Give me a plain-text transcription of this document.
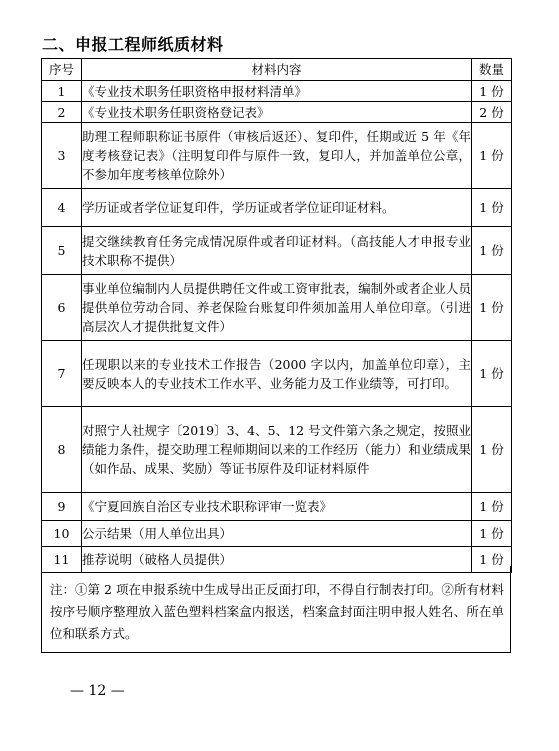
二、申报工程师纸质材料
序号	材料内容	数量
1	《专业技术职务任职资格申报材料清单》	1 份
2	《专业技术职务任职资格登记表》	2 份
3	助理工程师职称证书原件（审核后返还）、复印件，任期或近 5 年《年度考核登记表》（注明复印件与原件一致，复印人，并加盖单位公章，不参加年度考核单位除外）	1 份
4	学历证或者学位证复印件，学历证或者学位证印证材料。	1 份
5	提交继续教育任务完成情况原件或者印证材料。（高技能人才申报专业技术职称不提供）	1 份
6	事业单位编制内人员提供聘任文件或工资审批表，编制外或者企业人员提供单位劳动合同、养老保险台账复印件须加盖用人单位印章。（引进高层次人才提供批复文件）	1 份
7	任现职以来的专业技术工作报告（2000 字以内，加盖单位印章），主要反映本人的专业技术工作水平、业务能力及工作业绩等，可打印。	1 份
8	对照宁人社规字〔2019〕3、4、5、12 号文件第六条之规定，按照业绩能力条件，提交助理工程师期间以来的工作经历（能力）和业绩成果（如作品、成果、奖励）等证书原件及印证材料原件	1 份
9	《宁夏回族自治区专业技术职称评审一览表》	1 份
10	公示结果（用人单位出具）	1 份
11	推荐说明（破格人员提供）	1 份
注：①第 2 项在申报系统中生成导出正反面打印，不得自行制表打印。②所有材料按序号顺序整理放入蓝色塑料档案盒内报送，档案盒封面注明申报人姓名、所在单位和联系方式。
— 12 —
